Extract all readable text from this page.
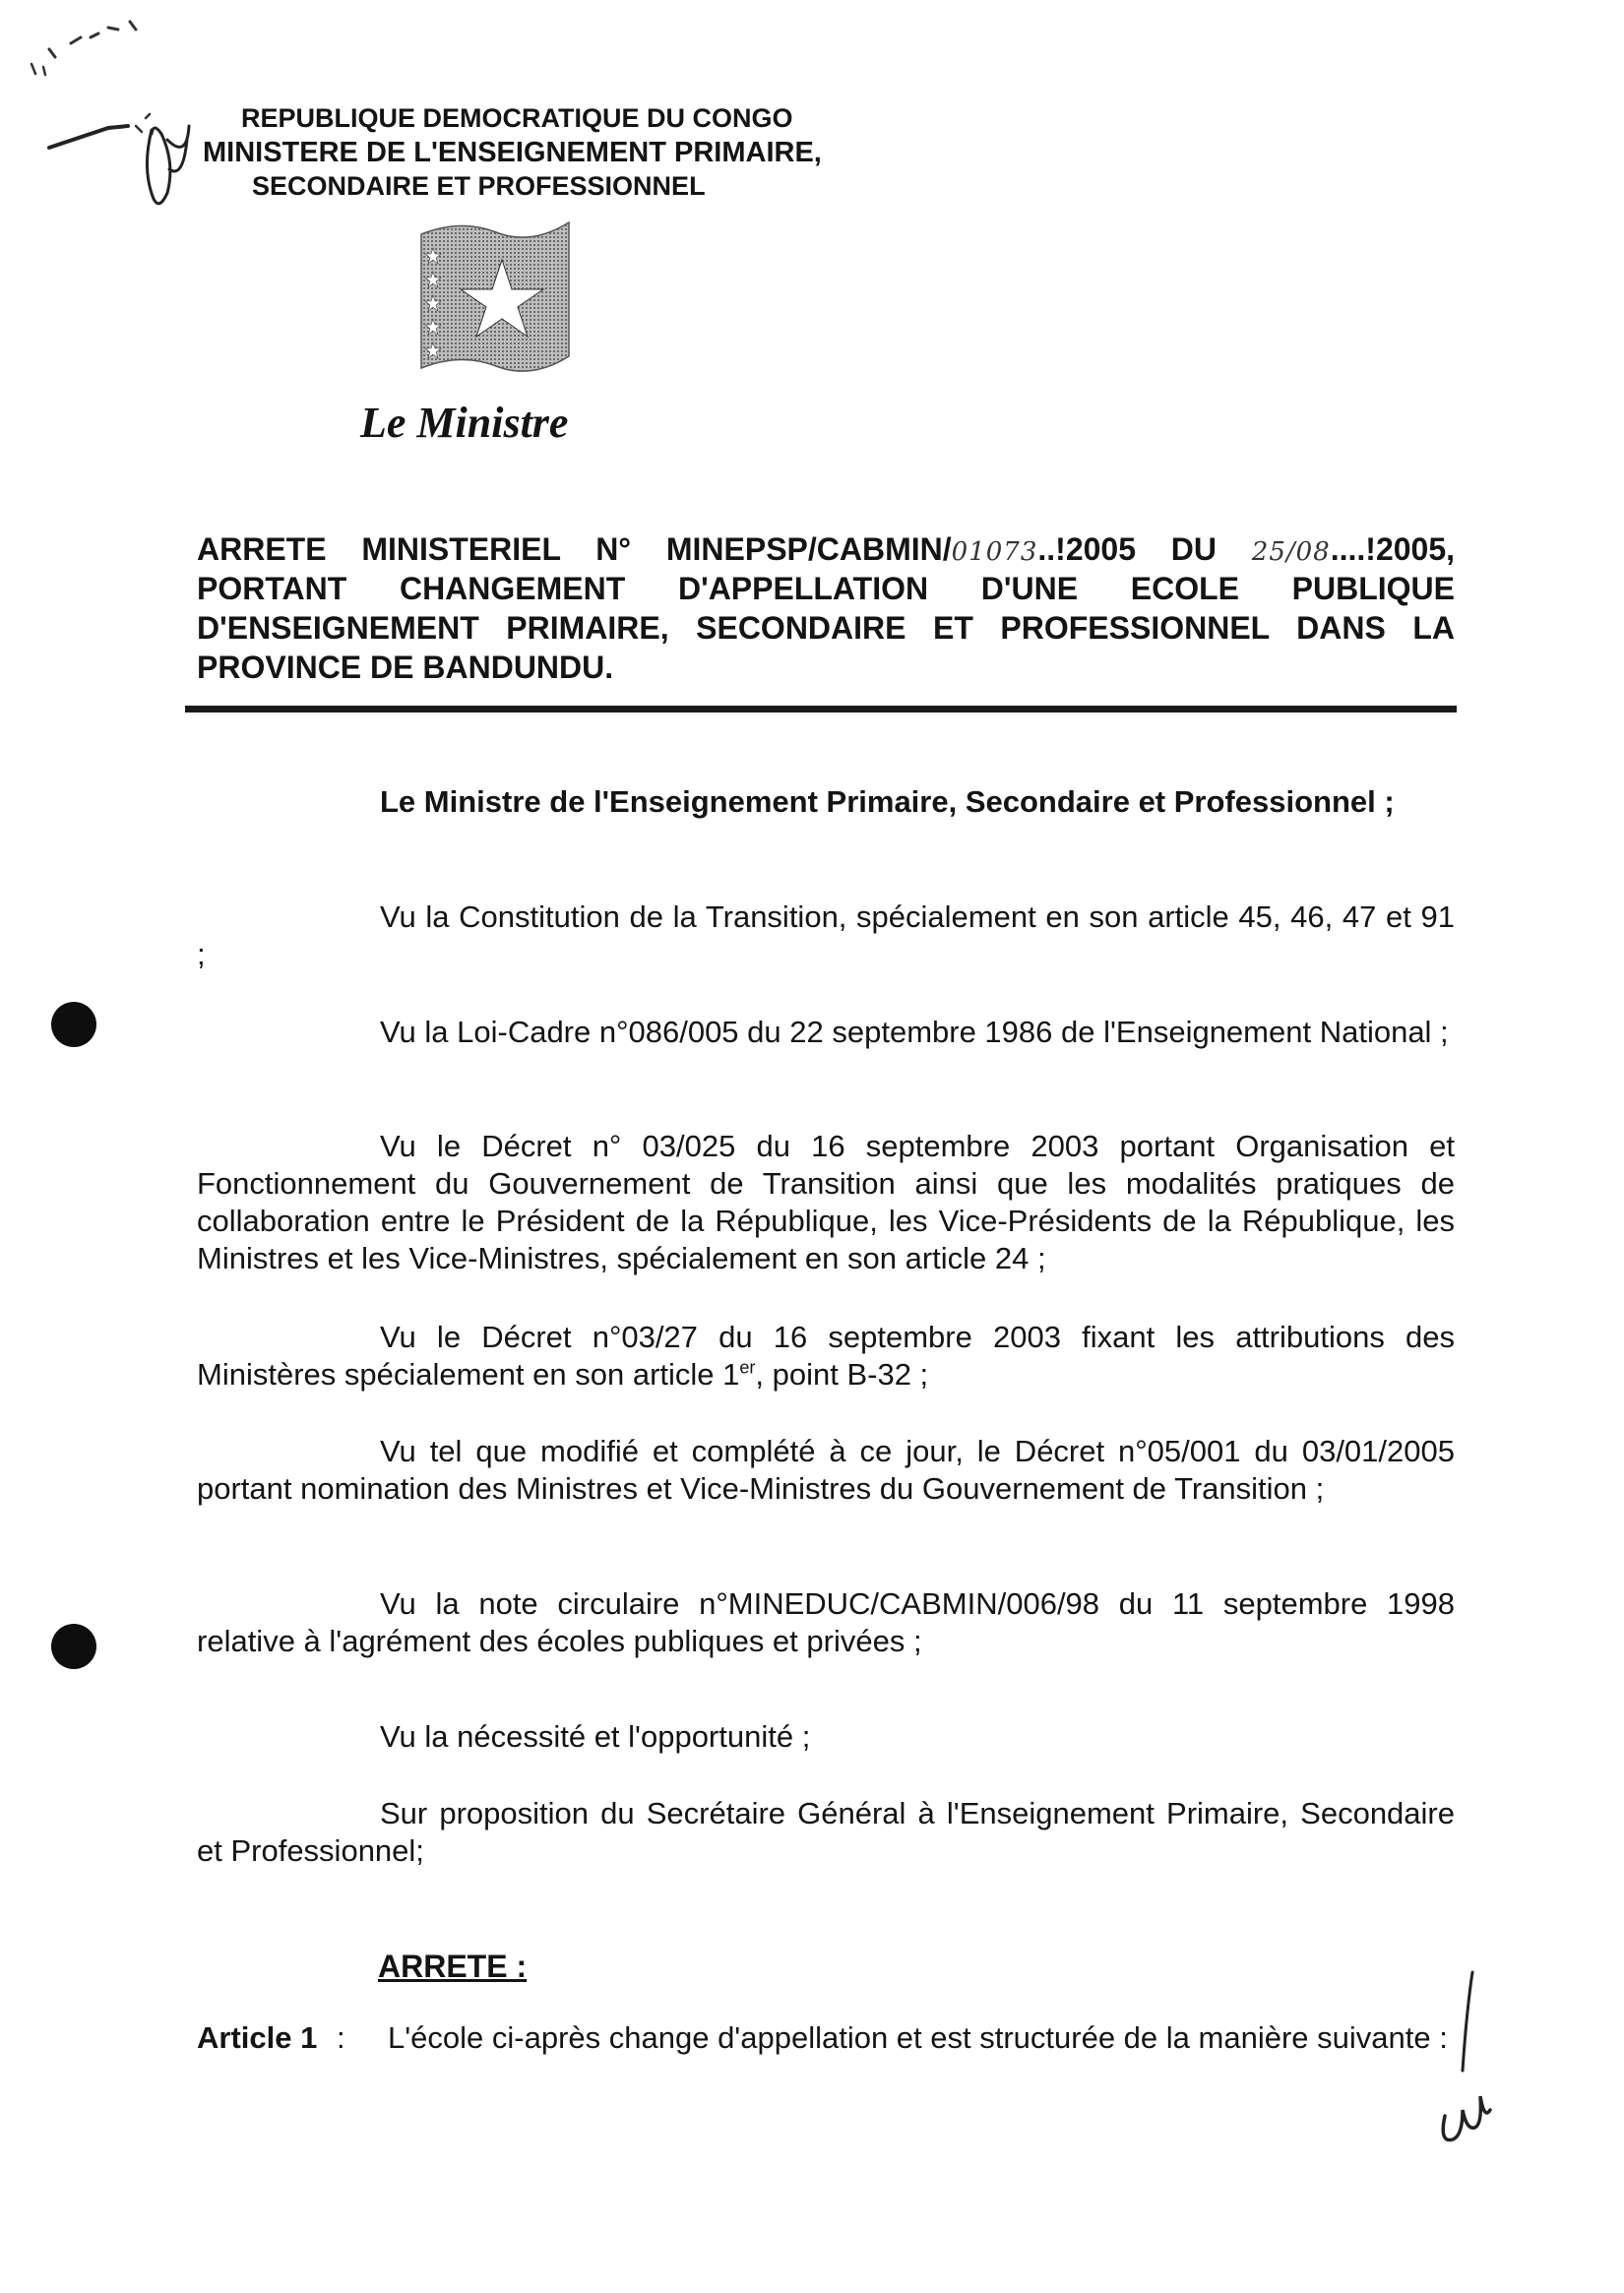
REPUBLIQUE DEMOCRATIQUE DU CONGO
MINISTERE DE L'ENSEIGNEMENT PRIMAIRE,
SECONDAIRE ET PROFESSIONNEL
Le Ministre
ARRETE MINISTERIEL N° MINEPSP/CABMIN/01073..!2005 DU 25/08....!2005,
PORTANT CHANGEMENT D'APPELLATION D'UNE ECOLE PUBLIQUE
D'ENSEIGNEMENT PRIMAIRE, SECONDAIRE ET PROFESSIONNEL DANS LA
PROVINCE DE BANDUNDU.
Le Ministre de l'Enseignement Primaire, Secondaire et Professionnel ;
Vu la Constitution de la Transition, spécialement en son article 45, 46, 47 et 91 ;
Vu la Loi-Cadre n°086/005 du 22 septembre 1986 de l'Enseignement National ;
Vu le Décret n° 03/025 du 16 septembre 2003 portant Organisation et Fonctionnement du Gouvernement de Transition ainsi que les modalités pratiques de collaboration entre le Président de la République, les Vice-Présidents de la République, les Ministres et les Vice-Ministres, spécialement en son article 24 ;
Vu le Décret n°03/27 du 16 septembre 2003 fixant les attributions des Ministères spécialement en son article 1er, point B-32 ;
Vu tel que modifié et complété à ce jour, le Décret n°05/001 du 03/01/2005 portant nomination des Ministres et Vice-Ministres du Gouvernement de Transition ;
Vu la note circulaire n°MINEDUC/CABMIN/006/98 du 11 septembre 1998 relative à l'agrément des écoles publiques et privées ;
Vu la nécessité et l'opportunité ;
Sur proposition du Secrétaire Général à l'Enseignement Primaire, Secondaire et Professionnel;
ARRETE :
Article 1 : L'école ci-après change d'appellation et est structurée de la manière suivante :
